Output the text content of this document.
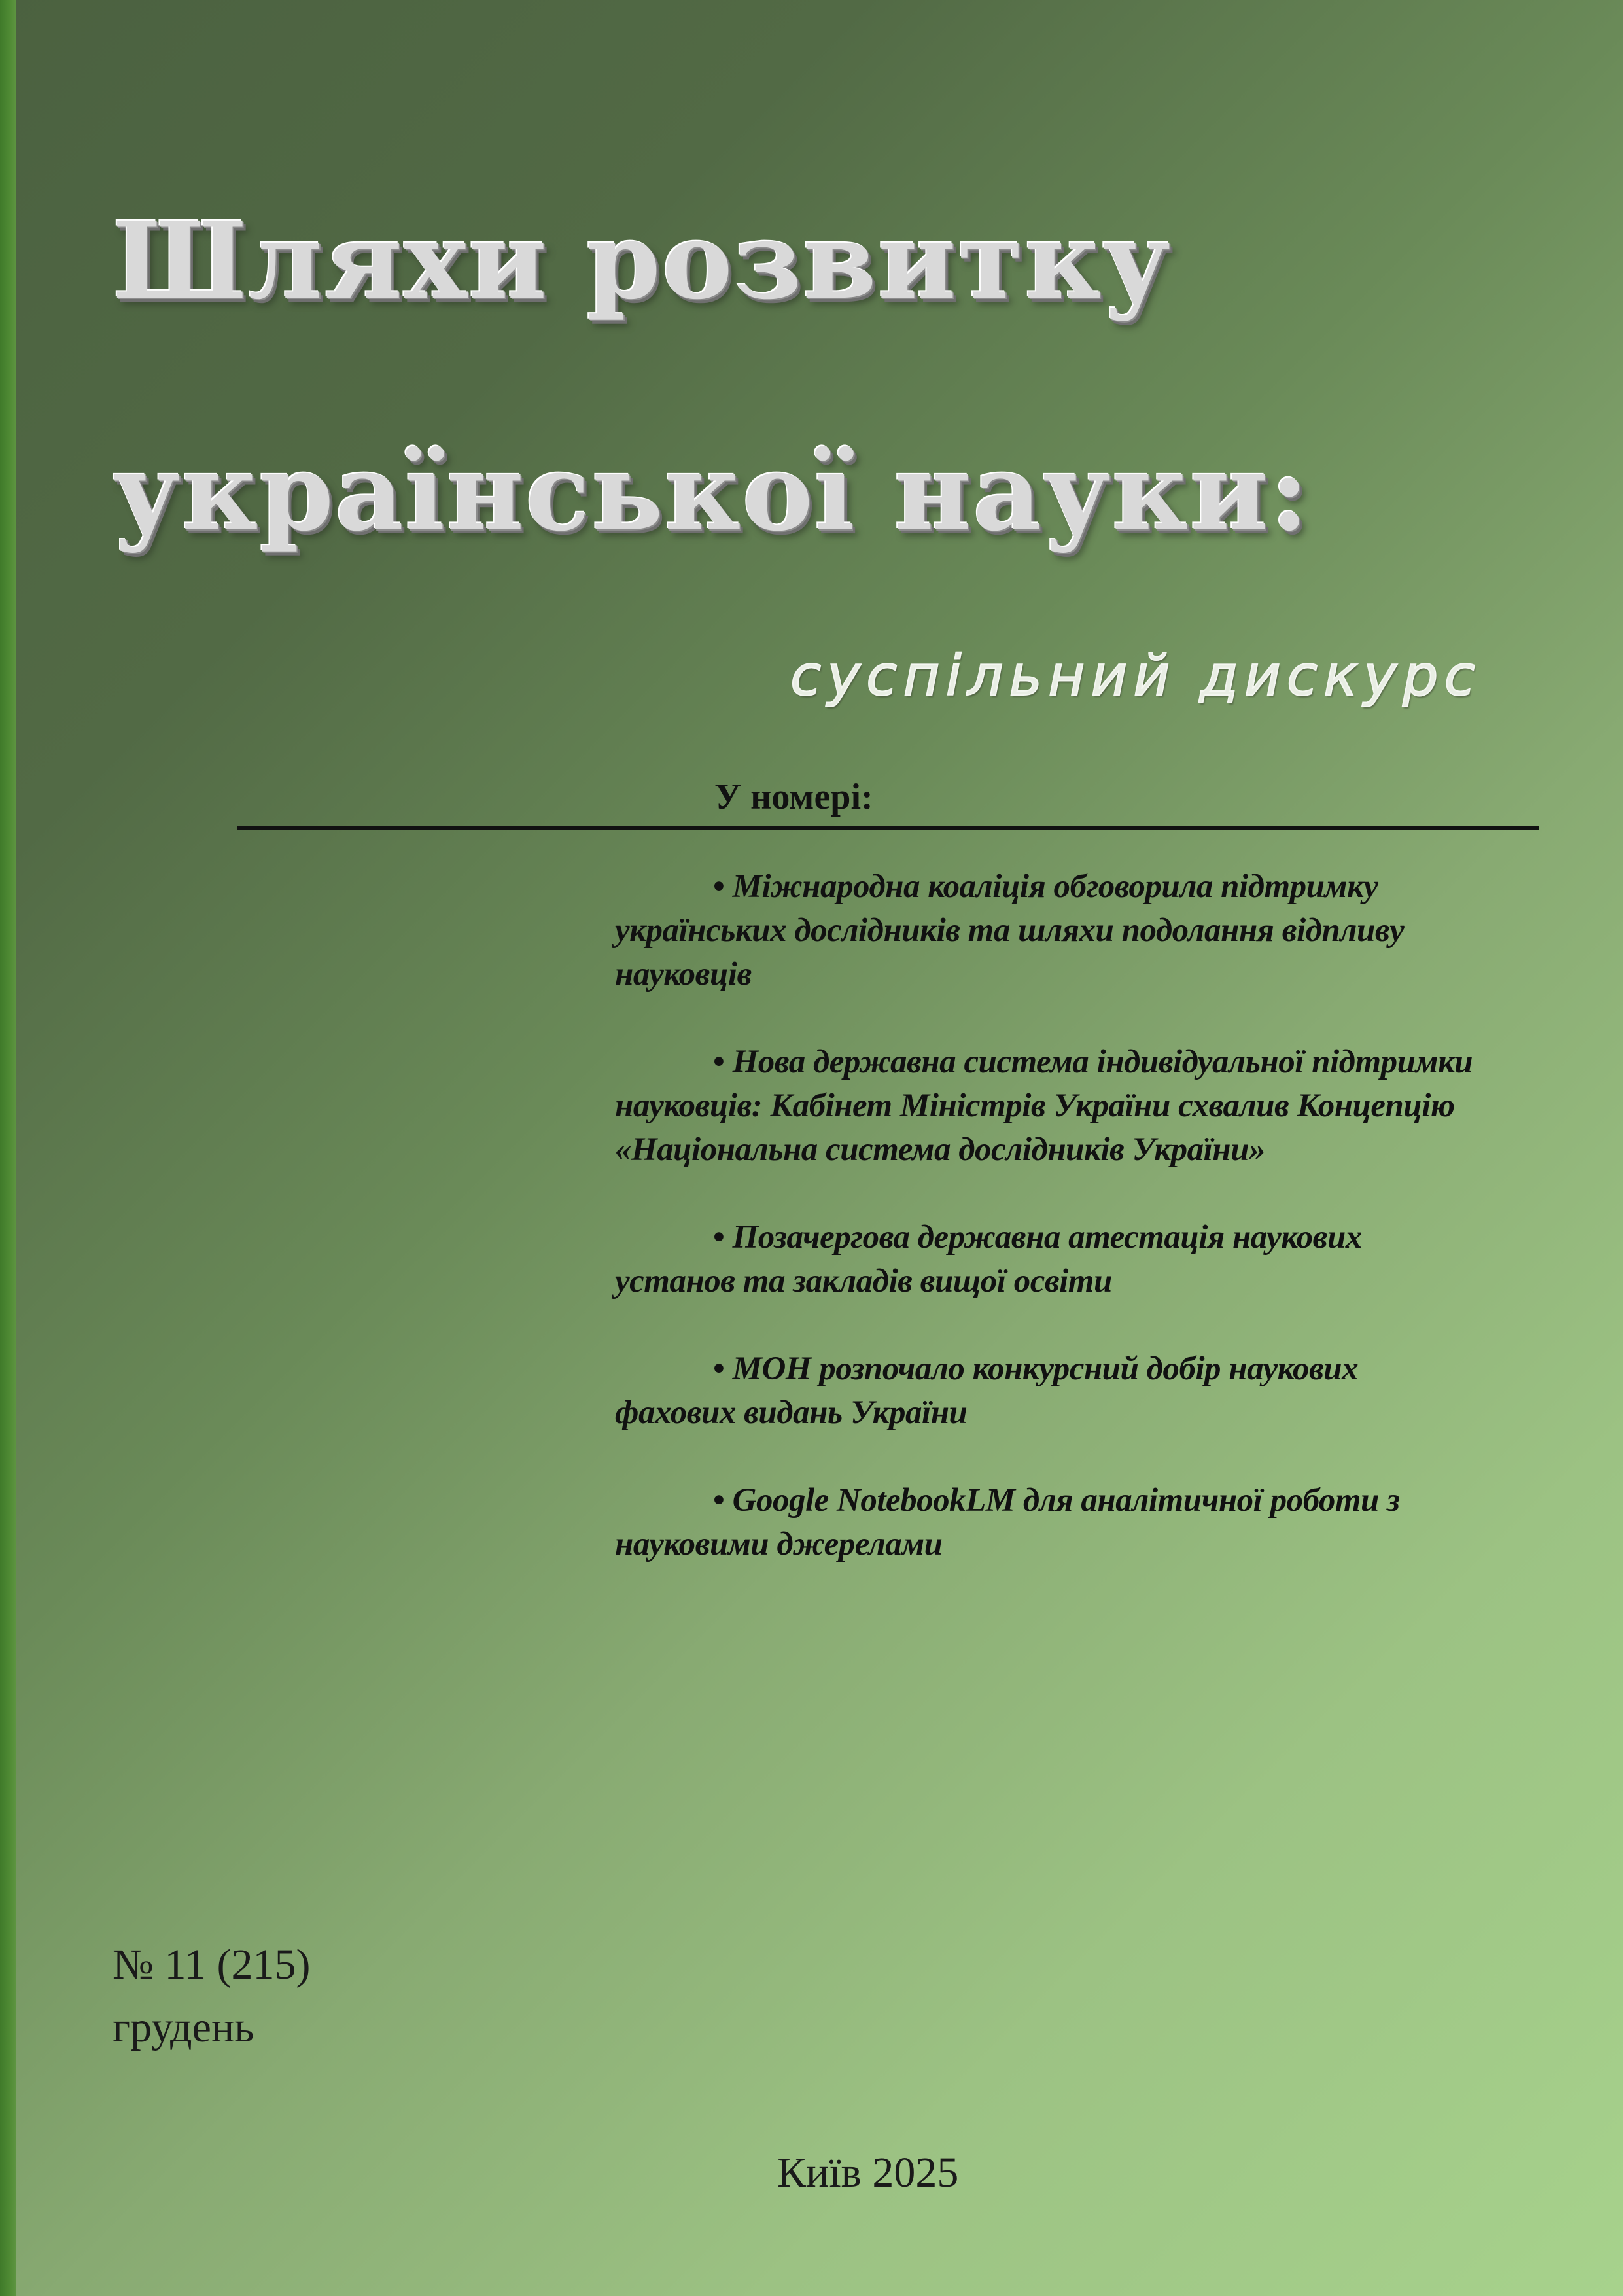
Шляхи розвитку
української науки:

суспільний дискурс

У номері:

• Міжнародна коаліція обговорила підтримку українських дослідників та шляхи подолання відпливу науковців
• Нова державна система індивідуальної підтримки науковців: Кабінет Міністрів України схвалив Концепцію «Національна система дослідників України»
• Позачергова державна атестація наукових установ та закладів вищої освіти
• МОН розпочало конкурсний добір наукових фахових видань України
• Google NotebookLM для аналітичної роботи з науковими джерелами

№ 11 (215)

грудень

Київ 2025
